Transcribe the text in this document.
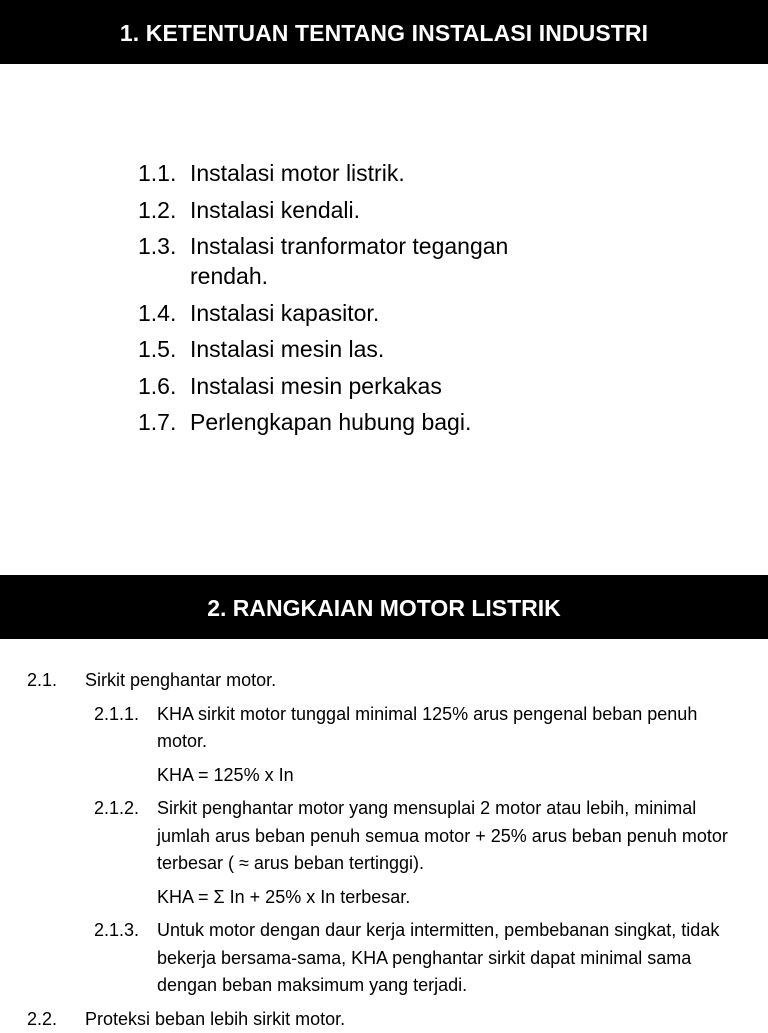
1. KETENTUAN TENTANG INSTALASI INDUSTRI
1.1. Instalasi motor listrik.
1.2. Instalasi kendali.
1.3. Instalasi tranformator tegangan rendah.
1.4. Instalasi kapasitor.
1.5. Instalasi mesin las.
1.6. Instalasi mesin perkakas
1.7. Perlengkapan hubung bagi.
2. RANGKAIAN MOTOR LISTRIK
2.1.	Sirkit penghantar motor.
2.1.1. KHA sirkit motor tunggal minimal 125% arus pengenal beban penuh motor.
KHA = 125% x In
2.1.2. Sirkit penghantar motor yang mensuplai 2 motor atau lebih, minimal jumlah arus beban penuh semua motor + 25% arus beban penuh motor terbesar ( ≈ arus beban tertinggi).
KHA = Σ In + 25% x In terbesar.
2.1.3. Untuk motor dengan daur kerja intermitten, pembebanan singkat, tidak bekerja bersama-sama, KHA penghantar sirkit dapat minimal sama dengan beban maksimum yang terjadi.
2.2.	Proteksi beban lebih sirkit motor.
